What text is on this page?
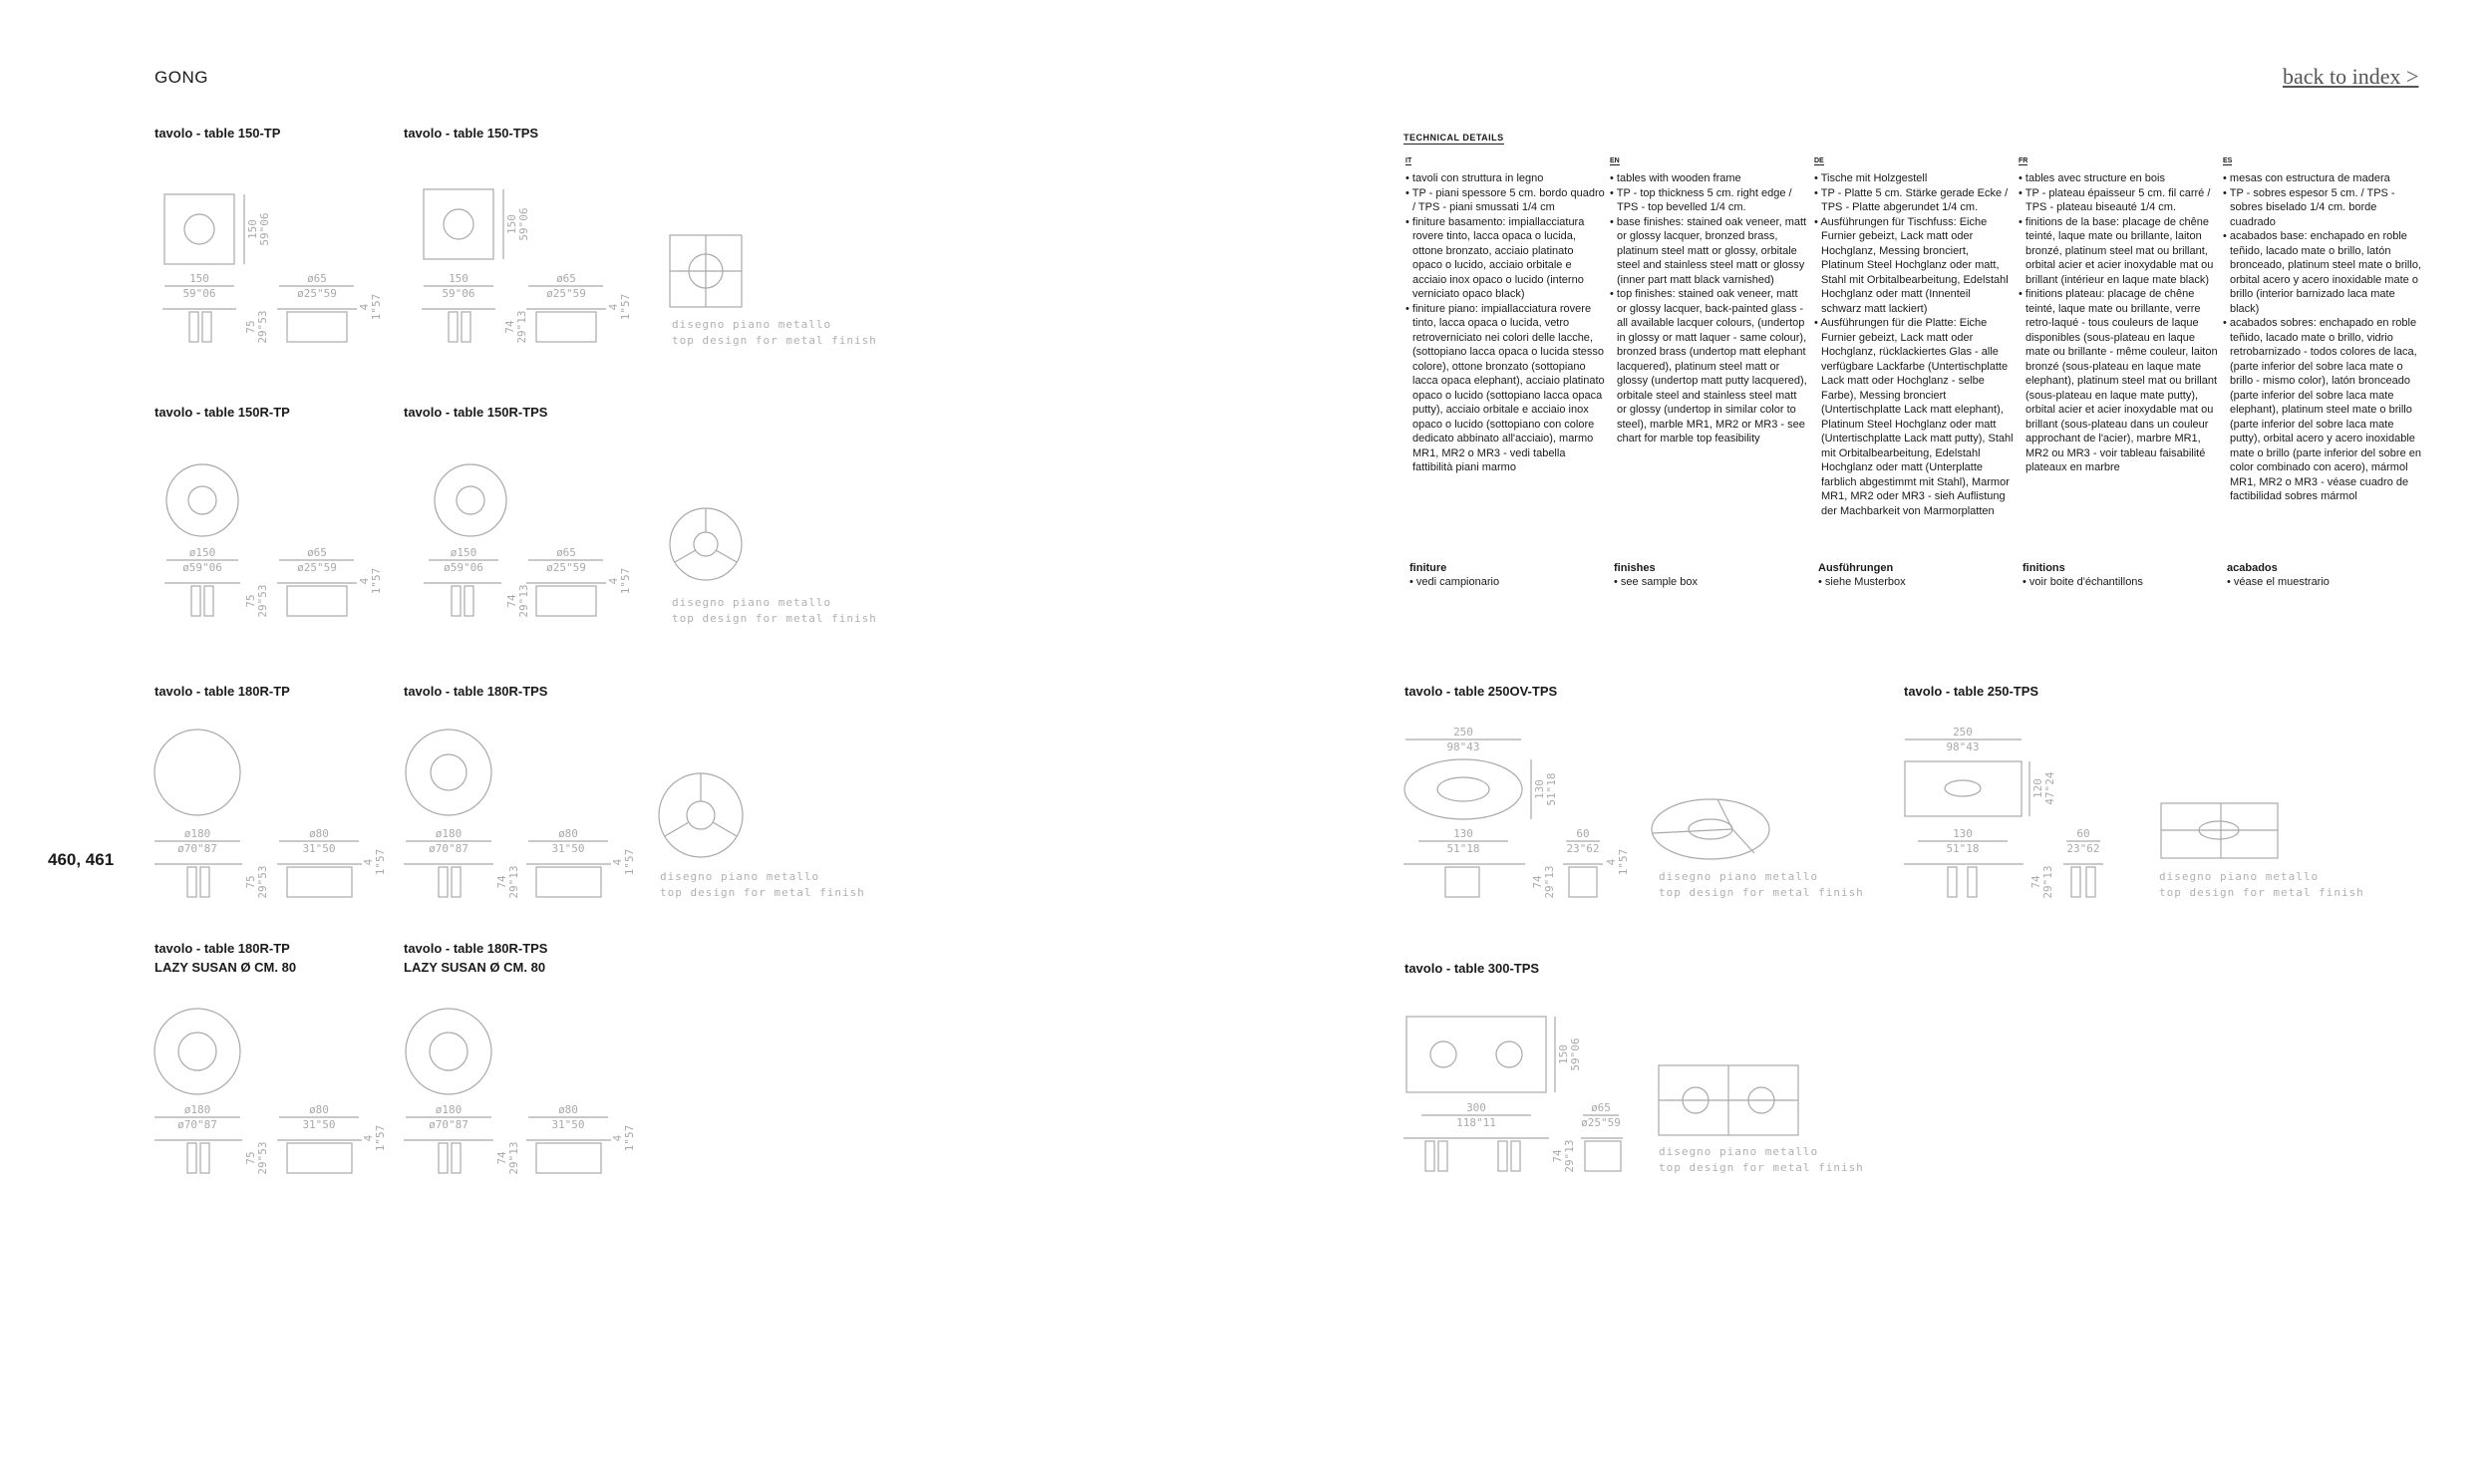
GONG	back to index >
460, 461
tavolo - table 150-TP	tavolo - table 150-TPS
tavolo - table 150R-TP	tavolo - table 150R-TPS
tavolo - table 180R-TP	tavolo - table 180R-TPS
tavolo - table 180R-TP
LAZY SUSAN Ø CM. 80
tavolo - table 180R-TPS
LAZY SUSAN Ø CM. 80
tavolo - table 250OV-TPS	tavolo - table 250-TPS
tavolo - table 300-TPS
150 59"06
150
59"06
75 29"53
ø65
ø25"59
4 1"57
150 59"06
150
59"06
74 29"13
ø65
ø25"59
4 1"57
disegno piano metallo
top design for metal finish
ø150
ø59"06
75 29"53
ø65
ø25"59
4 1"57
ø150
ø59"06
74 29"13
ø65
ø25"59
4 1"57
disegno piano metallo
top design for metal finish
ø180
ø70"87
75 29"53
ø80
31"50
4 1"57
ø180
ø70"87
74 29"13
ø80
31"50
4 1"57
disegno piano metallo
top design for metal finish
ø180
ø70"87
75 29"53
ø80
31"50
4 1"57
ø180
ø70"87
74 29"13
ø80
31"50
4 1"57
TECHNICAL DETAILS
IT
• tavoli con struttura in legno
• TP - piani spessore 5 cm. bordo quadro / TPS - piani smussati 1/4 cm
• finiture basamento: impiallacciatura rovere tinto, lacca opaca o lucida, ottone bronzato, acciaio platinato opaco o lucido, acciaio orbitale e acciaio inox opaco o lucido (interno verniciato opaco black)
• finiture piano: impiallacciatura rovere tinto, lacca opaca o lucida, vetro retroverniciato nei colori delle lacche, (sottopiano lacca opaca o lucida stesso colore), ottone bronzato (sottopiano lacca opaca elephant), acciaio platinato opaco o lucido (sottopiano lacca opaca putty), acciaio orbitale e acciaio inox opaco o lucido (sottopiano con colore dedicato abbinato all'acciaio), marmo MR1, MR2 o MR3 - vedi tabella fattibilità piani marmo
EN
• tables with wooden frame
• TP - top thickness 5 cm. right edge / TPS - top bevelled 1/4 cm.
• base finishes: stained oak veneer, matt or glossy lacquer, bronzed brass, platinum steel matt or glossy, orbitale steel and stainless steel matt or glossy (inner part matt black varnished)
• top finishes: stained oak veneer, matt or glossy lacquer, back-painted glass - all available lacquer colours, (undertop in glossy or matt laquer - same colour), bronzed brass (undertop matt elephant lacquered), platinum steel matt or glossy (undertop matt putty lacquered), orbitale steel and stainless steel matt or glossy (undertop in similar color to steel), marble MR1, MR2 or MR3 - see chart for marble top feasibility
DE
• Tische mit Holzgestell
• TP - Platte 5 cm. Stärke gerade Ecke / TPS - Platte abgerundet 1/4 cm.
• Ausführungen für Tischfuss: Eiche Furnier gebeizt, Lack matt oder Hochglanz, Messing bronciert, Platinum Steel Hochglanz oder matt, Stahl mit Orbitalbearbeitung, Edelstahl Hochglanz oder matt (Innenteil schwarz matt lackiert)
• Ausführungen für die Platte: Eiche Furnier gebeizt, Lack matt oder Hochglanz, rücklackiertes Glas - alle verfügbare Lackfarbe (Untertischplatte Lack matt oder Hochglanz - selbe Farbe), Messing bronciert (Untertischplatte Lack matt elephant), Platinum Steel Hochglanz oder matt (Untertischplatte Lack matt putty), Stahl mit Orbitalbearbeitung, Edelstahl Hochglanz oder matt (Unterplatte farblich abgestimmt mit Stahl), Marmor MR1, MR2 oder MR3 - sieh Auflistung der Machbarkeit von Marmorplatten
FR
• tables avec structure en bois
• TP - plateau épaisseur 5 cm. fil carré / TPS - plateau biseauté 1/4 cm.
• finitions de la base: placage de chêne teinté, laque mate ou brillante, laiton bronzé, platinum steel mat ou brillant, orbital acier et acier inoxydable mat ou brillant (intérieur en laque mate black)
• finitions plateau: placage de chêne teinté, laque mate ou brillante, verre retro-laqué - tous couleurs de laque disponibles (sous-plateau en laque mate ou brillante - même couleur, laiton bronzé (sous-plateau en laque mate elephant), platinum steel mat ou brillant (sous-plateau en laque mate putty), orbital acier et acier inoxydable mat ou brillant (sous-plateau dans un couleur approchant de l'acier), marbre MR1, MR2 ou MR3 - voir tableau faisabilité plateaux en marbre
ES
• mesas con estructura de madera
• TP - sobres espesor 5 cm. / TPS - sobres biselado 1/4 cm. borde cuadrado
• acabados base: enchapado en roble teñido, lacado mate o brillo, latón bronceado, platinum steel mate o brillo, orbital acero y acero inoxidable mate o brillo (interior barnizado laca mate black)
• acabados sobres: enchapado en roble teñido, lacado mate o brillo, vidrio retrobarnizado - todos colores de laca, (parte inferior del sobre laca mate o brillo - mismo color), latón bronceado (parte inferior del sobre laca mate elephant), platinum steel mate o brillo (parte inferior del sobre laca mate putty), orbital acero y acero inoxidable mate o brillo (parte inferior del sobre en color combinado con acero), mármol MR1, MR2 o MR3 - véase cuadro de factibilidad sobres mármol
finiture
• vedi campionario
finishes
• see sample box
Ausführungen
• siehe Musterbox
finitions
• voir boite d'échantillons
acabados
• véase el muestrario
250
98"43
130 51"18
130
51"18
74 29"13
60
23"62
4 1"57
disegno piano metallo
top design for metal finish
250
98"43
120 47"24
130
51"18
74 29"13
60
23"62
disegno piano metallo
top design for metal finish
150 59"06
300
118"11
74 29"13
ø65
ø25"59
disegno piano metallo
top design for metal finish
